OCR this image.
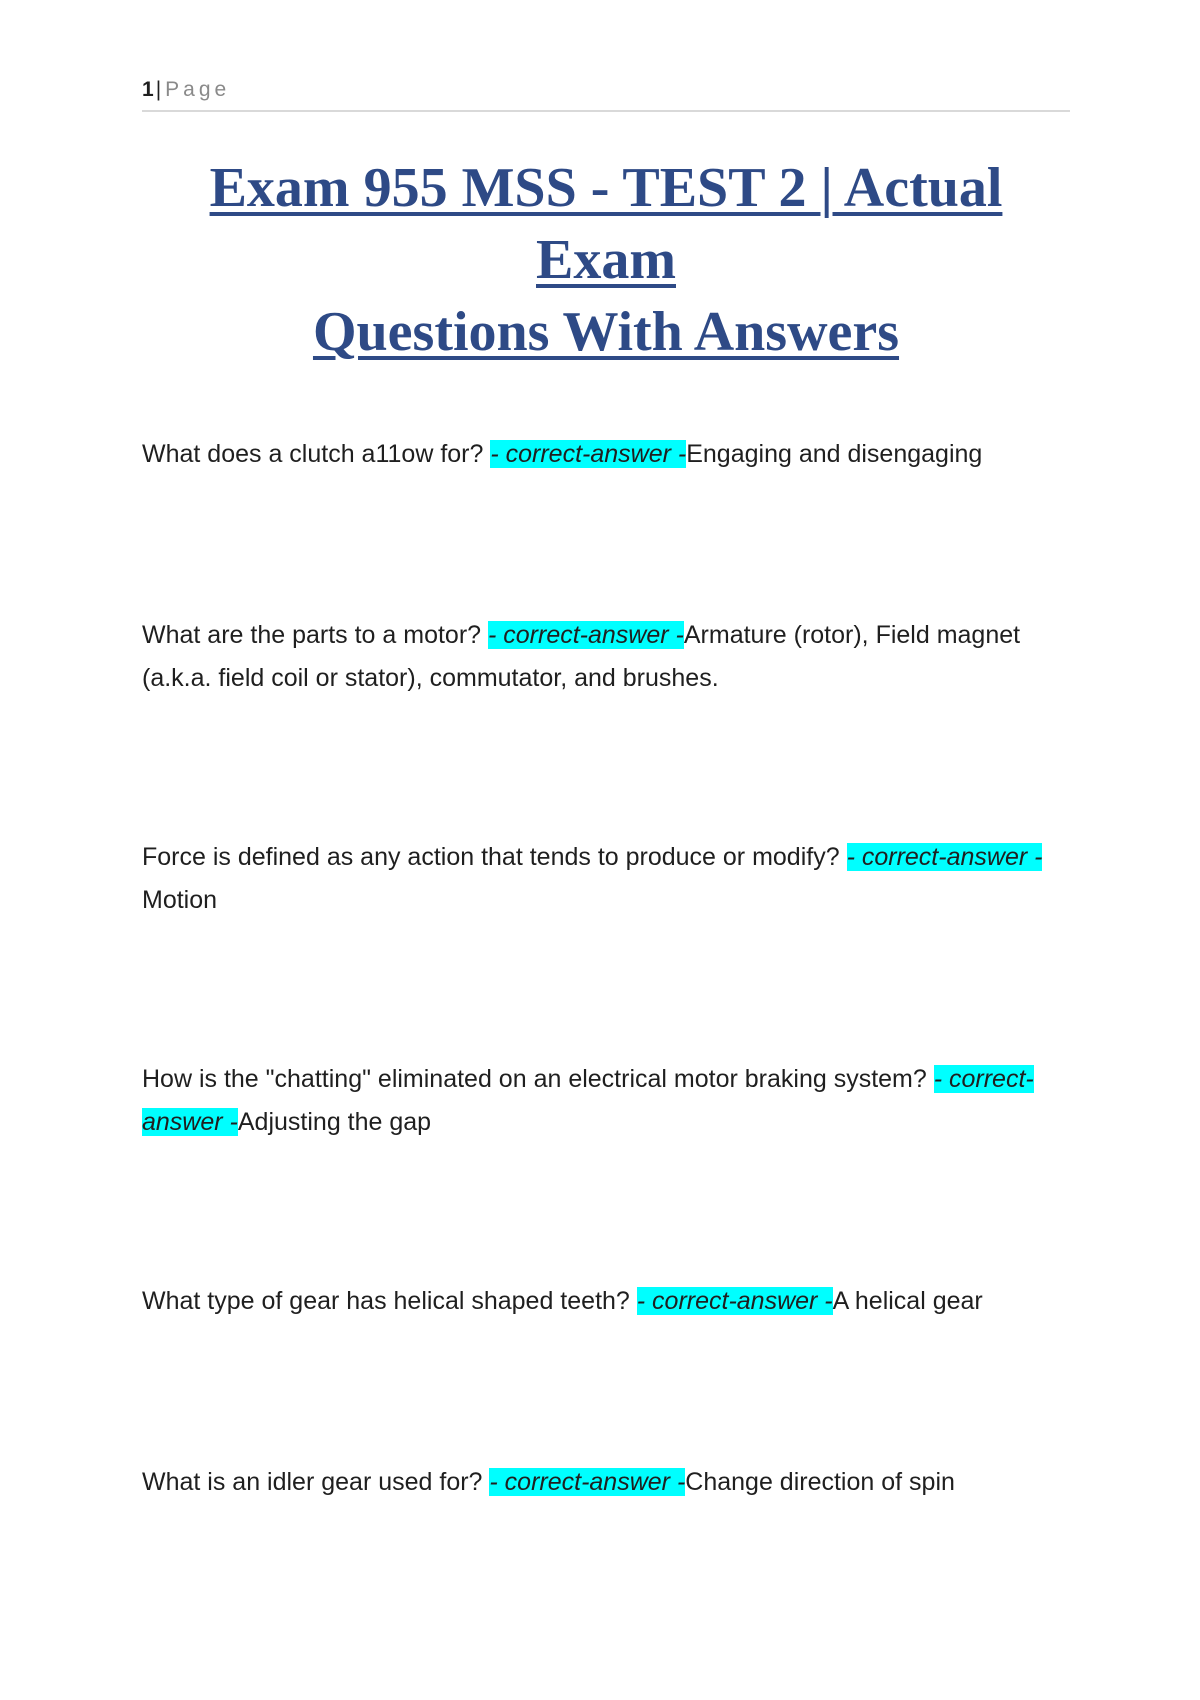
1| Page
Exam 955 MSS - TEST 2 | Actual Exam
Questions With Answers
What does a clutch a11ow for? - correct-answer -Engaging and disengaging
What are the parts to a motor? - correct-answer -Armature (rotor), Field magnet (a.k.a. field coil or stator), commutator, and brushes.
Force is defined as any action that tends to produce or modify? - correct-answer -Motion
How is the "chatting" eliminated on an electrical motor braking system? - correct-answer -Adjusting the gap
What type of gear has helical shaped teeth? - correct-answer -A helical gear
What is an idler gear used for? - correct-answer -Change direction of spin
